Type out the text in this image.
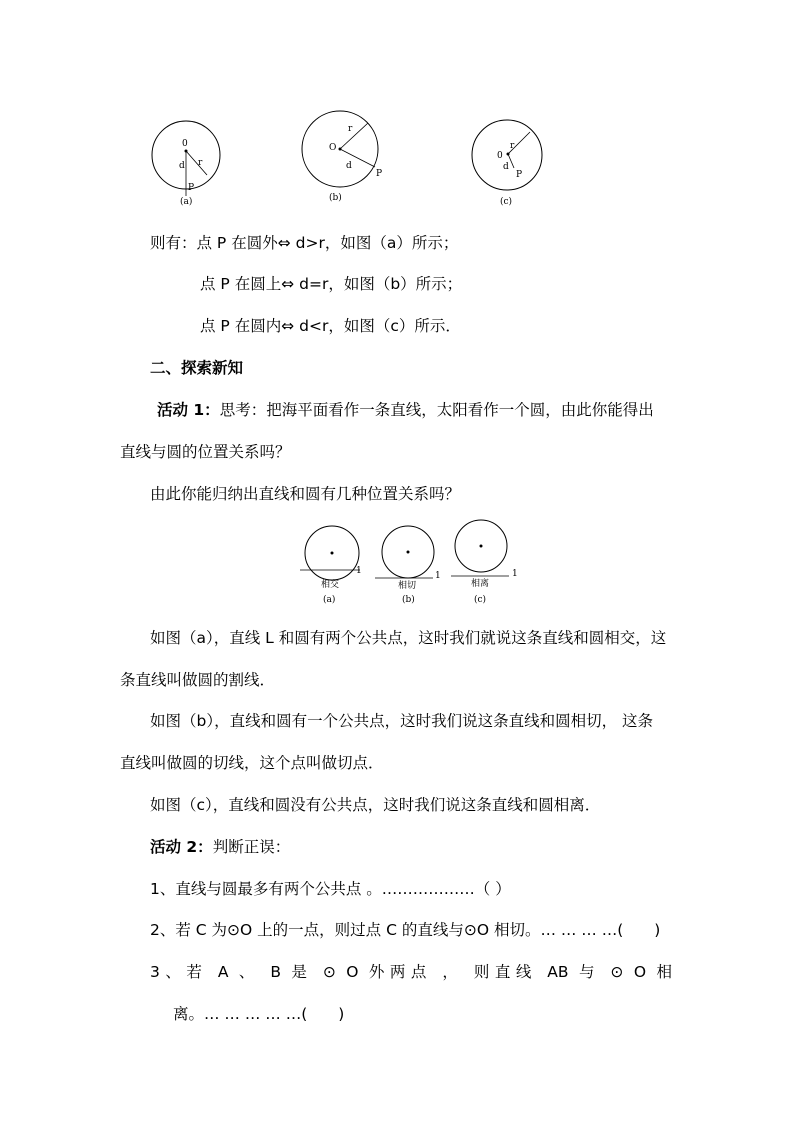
0
d r
P
(a)
O
r
d
P
(b)
0
r
d
P
(c)
则有：点 P 在圆外⇔ d>r，如图（a）所示；
点 P 在圆上⇔ d=r，如图（b）所示；
点 P 在圆内⇔ d<r，如图（c）所示．
二、探索新知
活动 1：思考：把海平面看作一条直线，太阳看作一个圆，由此你能得出
直线与圆的位置关系吗？
由此你能归纳出直线和圆有几种位置关系吗？
1
相交
(a)
1
相切
(b)
1
相离
(c)
如图（a），直线 L 和圆有两个公共点，这时我们就说这条直线和圆相交，这
条直线叫做圆的割线．
如图（b），直线和圆有一个公共点，这时我们说这条直线和圆相切， 这条
直线叫做圆的切线，这个点叫做切点．
如图（c），直线和圆没有公共点，这时我们说这条直线和圆相离．
活动 2：判断正误：
1、直线与圆最多有两个公共点 。………………（ ）
2、若 C 为⊙O 上的一点，则过点 C 的直线与⊙O 相切。… … … …(　　)
3、若 A 、 B 是 ⊙ O 外两点 ， 则直线 AB 与 ⊙ O 相
离。… … … … …(　　)
